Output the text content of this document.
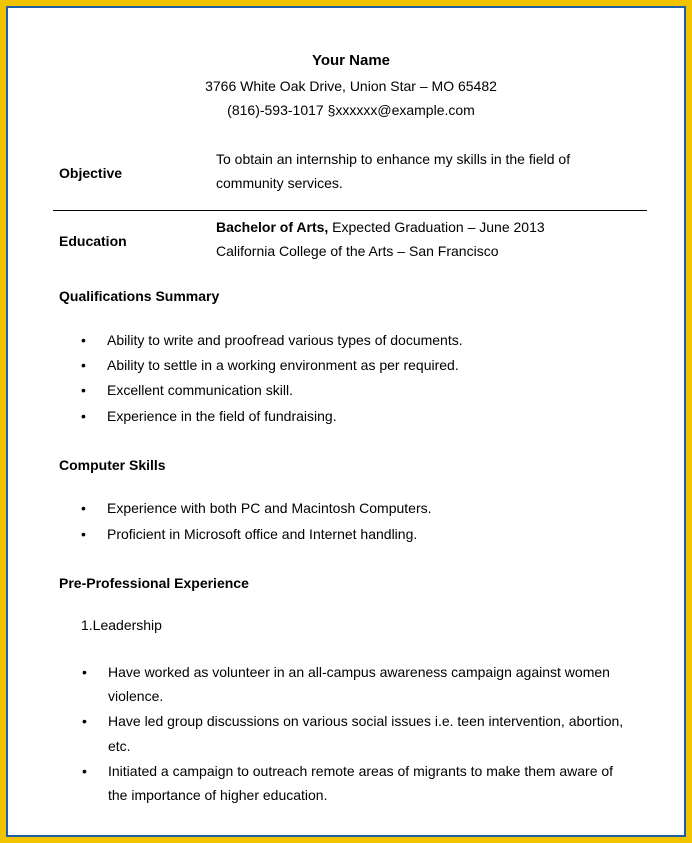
Your Name
3766 White Oak Drive, Union Star – MO 65482
(816)-593-1017 §xxxxxx@example.com
Objective
To obtain an internship to enhance my skills in the field of
community services.
Education
Bachelor of Arts, Expected Graduation – June 2013
California College of the Arts – San Francisco
Qualifications Summary
• Ability to write and proofread various types of documents.
• Ability to settle in a working environment as per required.
• Excellent communication skill.
• Experience in the field of fundraising.
Computer Skills
• Experience with both PC and Macintosh Computers.
• Proficient in Microsoft office and Internet handling.
Pre-Professional Experience
1.Leadership
• Have worked as volunteer in an all-campus awareness campaign against women
violence.
• Have led group discussions on various social issues i.e. teen intervention, abortion,
etc.
• Initiated a campaign to outreach remote areas of migrants to make them aware of
the importance of higher education.
